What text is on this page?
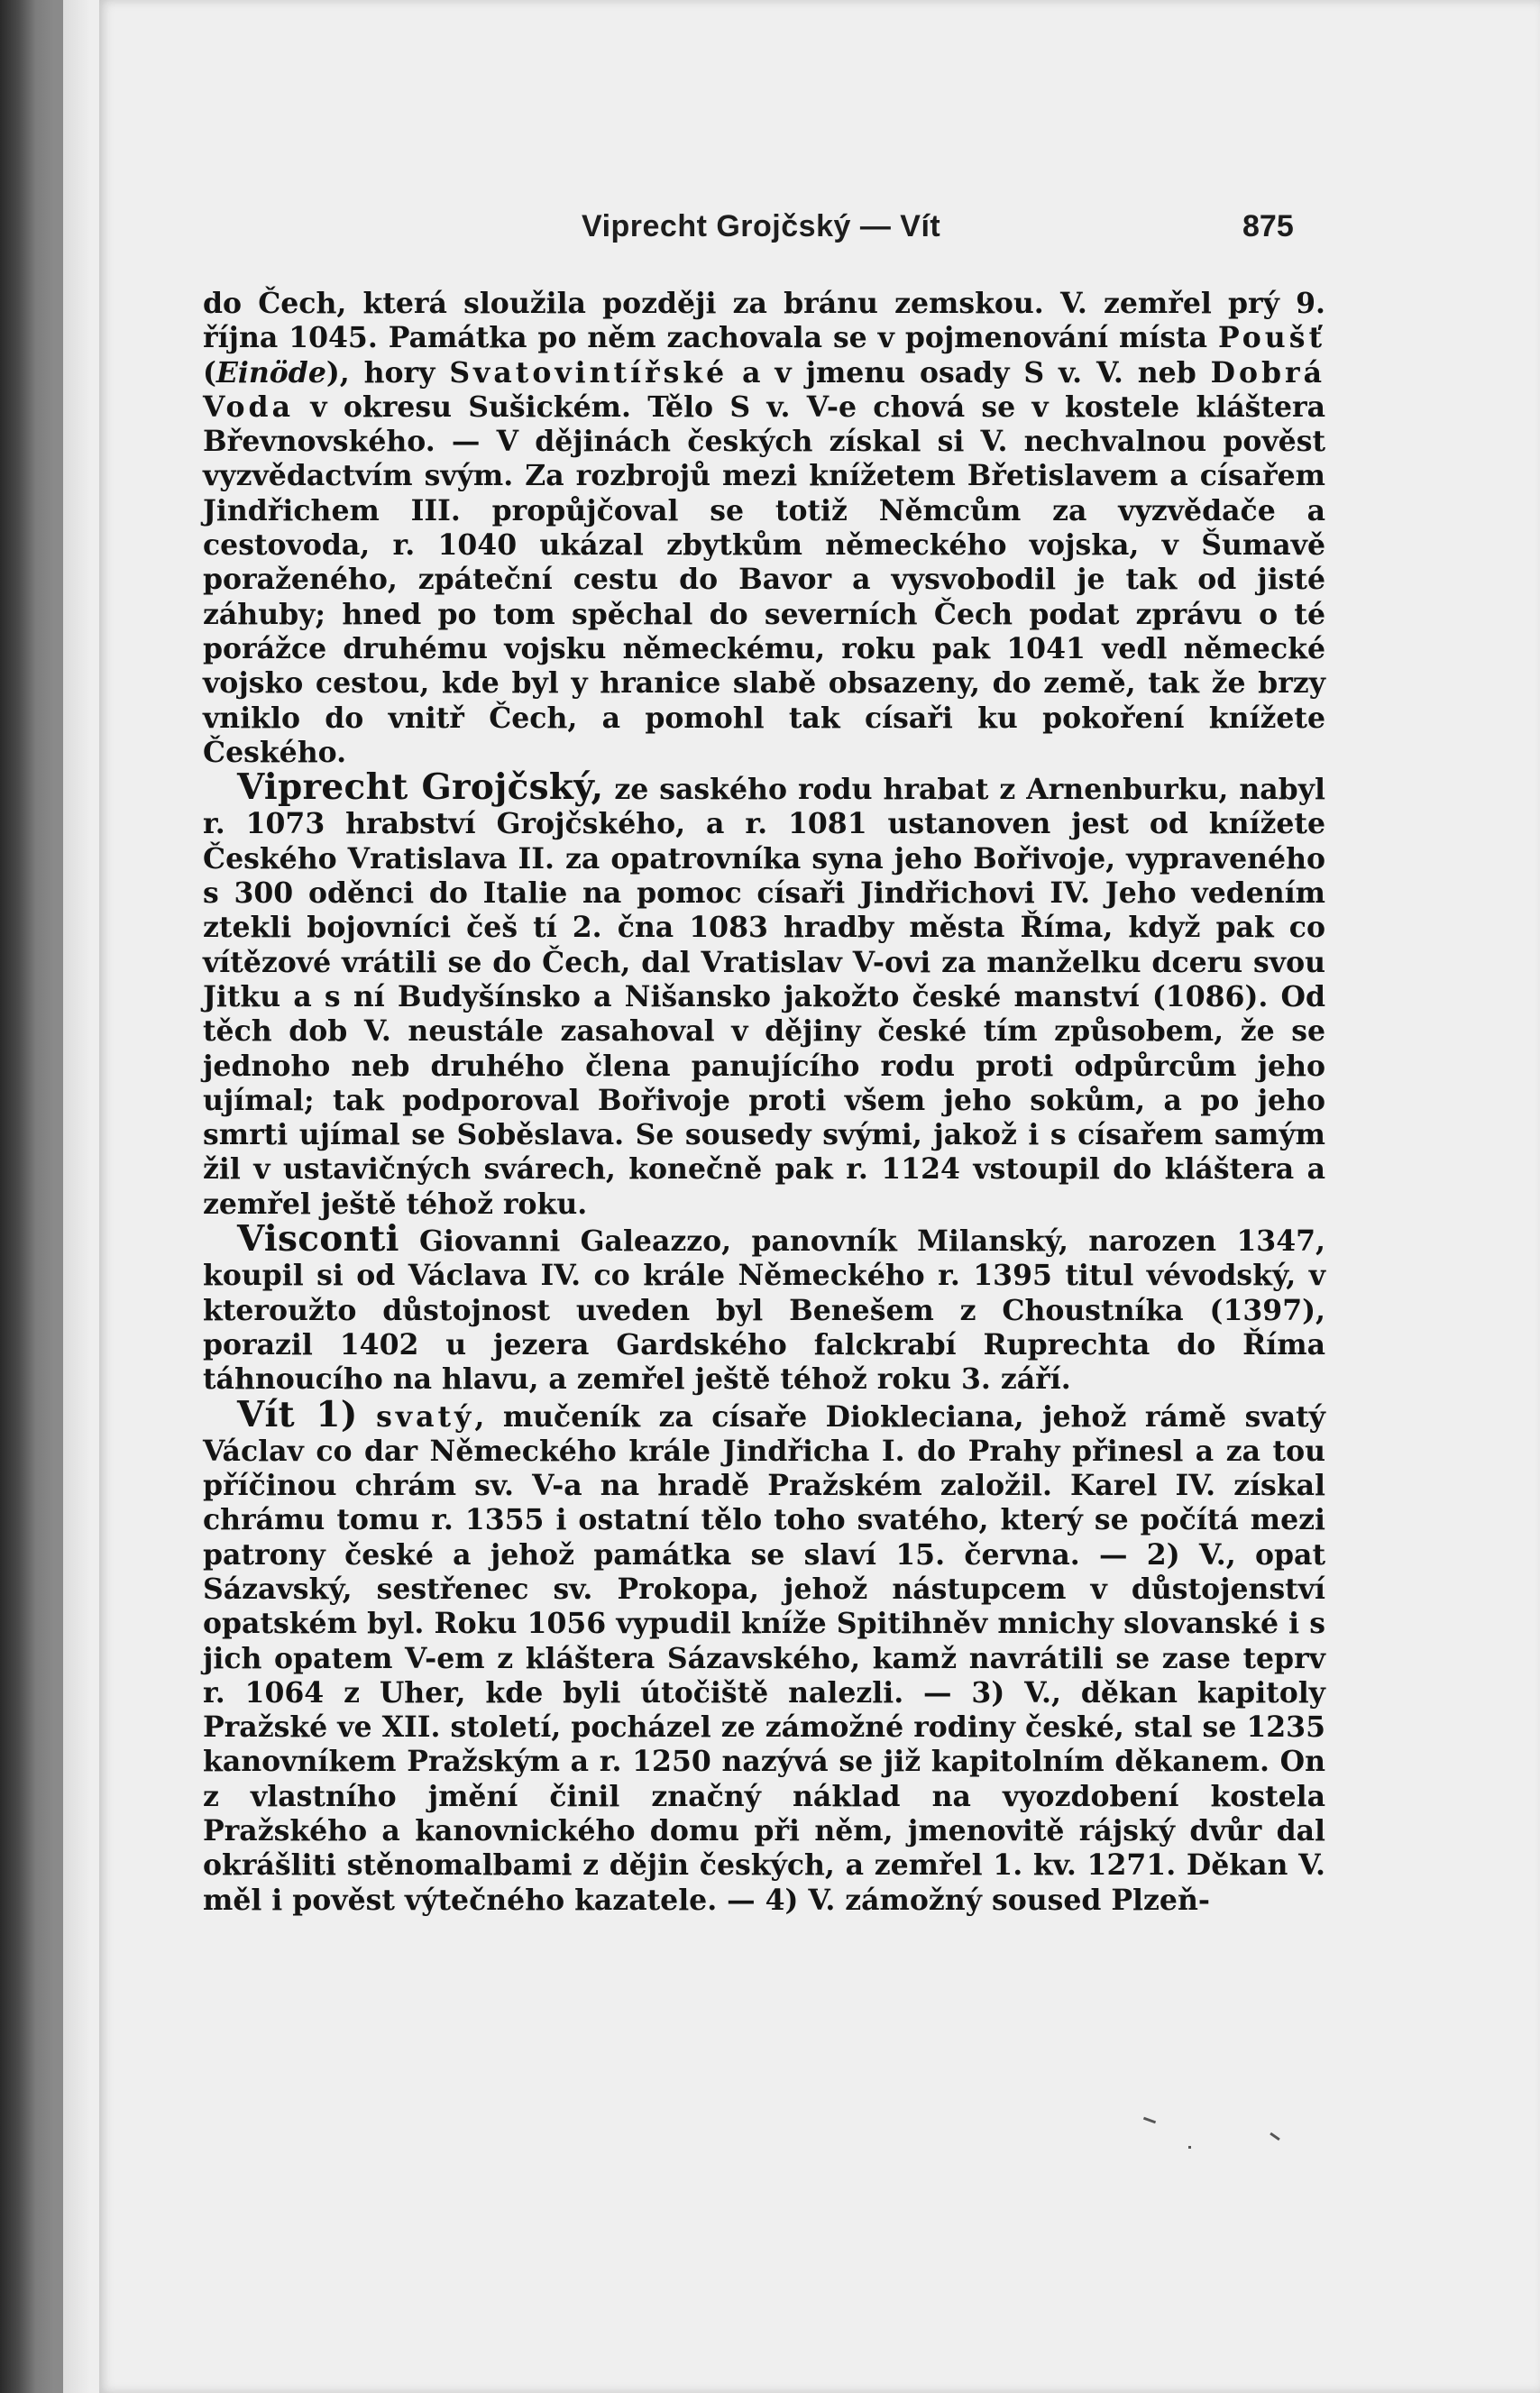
Viprecht Grojčský — Vít	875

do Čech, která sloužila později za bránu zemskou. V. zemřel prý 9. října 1045. Památka po něm zachovala se v pojmenování místa Poušť (Einöde), hory Svatovintířské a v jmenu osady S v. V. neb Dobrá Voda v okresu Sušickém. Tělo S v. V-e chová se v kostele kláštera Břevnovského. — V dějinách českých získal si V. nechvalnou pověst vyzvědactvím svým. Za rozbrojů mezi knížetem Břetislavem a císařem Jindřichem III. propůjčoval se totiž Němcům za vyzvědače a cestovoda, r. 1040 ukázal zbytkům německého vojska, v Šumavě poraženého, zpáteční cestu do Bavor a vysvobodil je tak od jisté záhuby; hned po tom spěchal do severních Čech podat zprávu o té porážce druhému vojsku německému, roku pak 1041 vedl německé vojsko cestou, kde byl y hranice slabě obsazeny, do země, tak že brzy vniklo do vnitř Čech, a pomohl tak císaři ku pokoření knížete Českého.

Viprecht Grojčský, ze saského rodu hrabat z Arnenburku, nabyl r. 1073 hrabství Grojčského, a r. 1081 ustanoven jest od knížete Českého Vratislava II. za opatrovníka syna jeho Bořivoje, vypraveného s 300 oděnci do Italie na pomoc císaři Jindřichovi IV. Jeho vedením ztekli bojovníci češ tí 2. čna 1083 hradby města Říma, když pak co vítězové vrátili se do Čech, dal Vratislav V-ovi za manželku dceru svou Jitku a s ní Budyšínsko a Nišansko jakožto české manství (1086). Od těch dob V. neustále zasahoval v dějiny české tím způsobem, že se jednoho neb druhého člena panujícího rodu proti odpůrcům jeho ujímal; tak podporoval Bořivoje proti všem jeho sokům, a po jeho smrti ujímal se Soběslava. Se sousedy svými, jakož i s císařem samým žil v ustavičných svárech, konečně pak r. 1124 vstoupil do kláštera a zemřel ještě téhož roku.

Visconti Giovanni Galeazzo, panovník Milanský, narozen 1347, koupil si od Václava IV. co krále Německého r. 1395 titul vévodský, v kteroužto důstojnost uveden byl Benešem z Choustníka (1397), porazil 1402 u jezera Gardského falckrabí Ruprechta do Říma táhnoucího na hlavu, a zemřel ještě téhož roku 3. září.

Vít 1) svatý, mučeník za císaře Diokleciana, jehož rámě svatý Václav co dar Německého krále Jindřicha I. do Prahy přinesl a za tou příčinou chrám sv. V-a na hradě Pražském založil. Karel IV. získal chrámu tomu r. 1355 i ostatní tělo toho svatého, který se počítá mezi patrony české a jehož památka se slaví 15. června. — 2) V., opat Sázavský, sestřenec sv. Prokopa, jehož nástupcem v důstojenství opatském byl. Roku 1056 vypudil kníže Spitihněv mnichy slovanské i s jich opatem V-em z kláštera Sázavského, kamž navrátili se zase teprv r. 1064 z Uher, kde byli útočiště nalezli. — 3) V., děkan kapitoly Pražské ve XII. století, pocházel ze zámožné rodiny české, stal se 1235 kanovníkem Pražským a r. 1250 nazývá se již kapitolním děkanem. On z vlastního jmění činil značný náklad na vyozdobení kostela Pražského a kanovnického domu při něm, jmenovitě rájský dvůr dal okrášliti stěnomalbami z dějin českých, a zemřel 1. kv. 1271. Děkan V. měl i pověst výtečného kazatele. — 4) V. zámožný soused Plzeň-
